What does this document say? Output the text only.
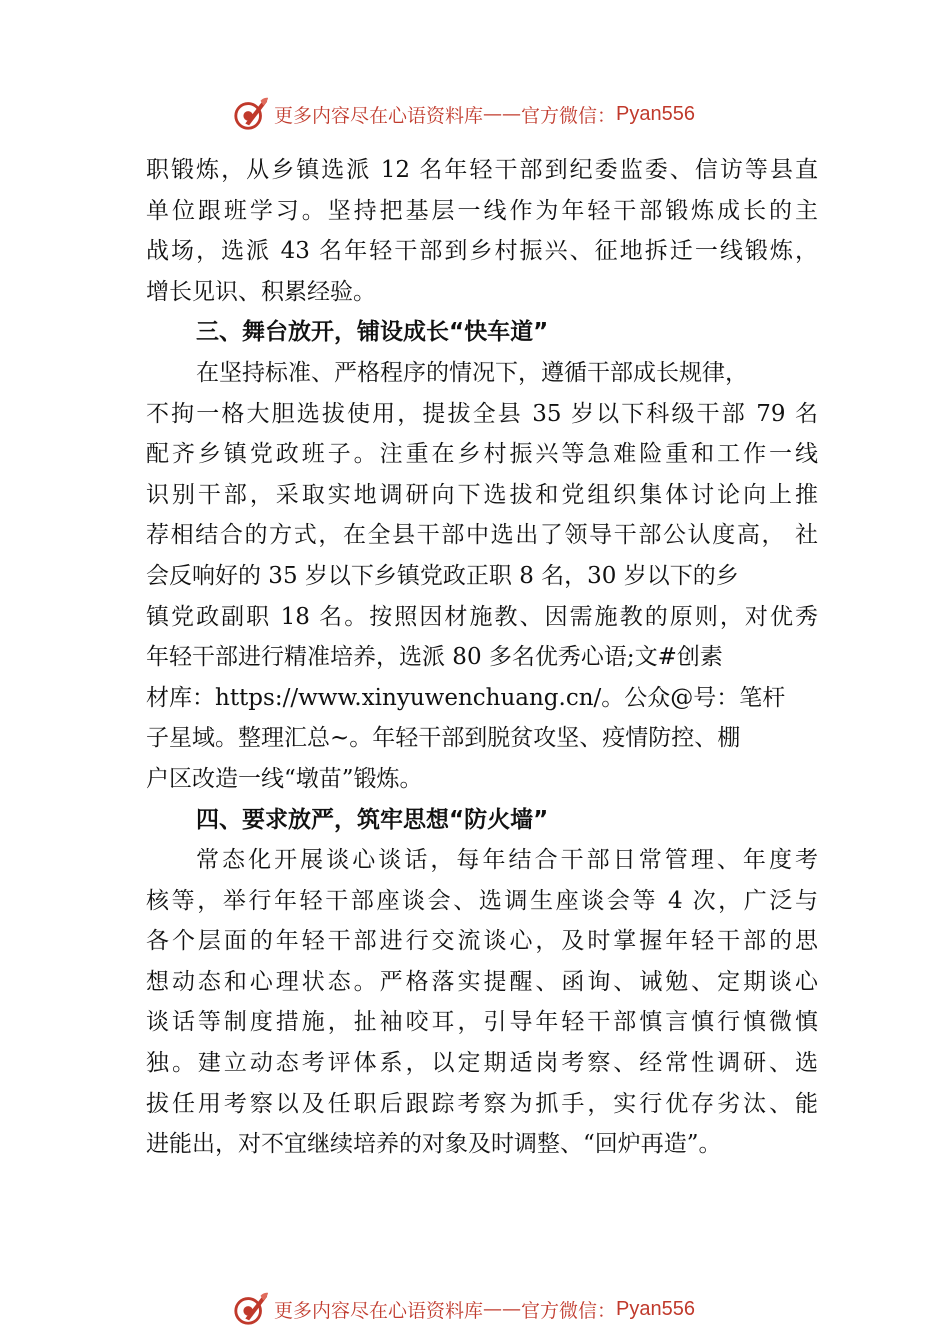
更多内容尽在心语资料库 —— 官方微信： Pyan556
职锻炼，从乡镇选派 12 名年轻干部到纪委监委、信访等县直
单位跟班学习。坚持把基层一线作为年轻干部锻炼成长的主
战场，选派 43 名年轻干部到乡村振兴、征地拆迁一线锻炼，
增长见识、积累经验。
三、舞台放开，铺设成长“快车道”
在坚持标准、严格程序的情况下，遵循干部成长规律，
不拘一格大胆选拔使用，提拔全县 35 岁以下科级干部 79 名
配齐乡镇党政班子。注重在乡村振兴等急难险重和工作一线
识别干部，采取实地调研向下选拔和党组织集体讨论向上推
荐相结合的方式，在全县干部中选出了领导干部公认度高， 社
会反响好的 35 岁以下乡镇党政正职 8 名，30 岁以下的乡
镇党政副职 18 名。按照因材施教、因需施教的原则，对优秀
年轻干部进行精准培养，选派 80 多名优秀心语;文#创素
材库：https://www.xinyuwenchuang.cn/。公众@号：笔杆
子星域。整理汇总~。年轻干部到脱贫攻坚、疫情防控、棚
户区改造一线“墩苗”锻炼。
四、要求放严，筑牢思想“防火墙”
常态化开展谈心谈话，每年结合干部日常管理、年度考
核等，举行年轻干部座谈会、选调生座谈会等 4 次，广泛与
各个层面的年轻干部进行交流谈心，及时掌握年轻干部的思
想动态和心理状态。严格落实提醒、函询、诫勉、定期谈心
谈话等制度措施，扯袖咬耳，引导年轻干部慎言慎行慎微慎
独。建立动态考评体系，以定期适岗考察、经常性调研、选
拔任用考察以及任职后跟踪考察为抓手，实行优存劣汰、能
进能出，对不宜继续培养的对象及时调整、“回炉再造”。
更多内容尽在心语资料库 —— 官方微信： Pyan556
